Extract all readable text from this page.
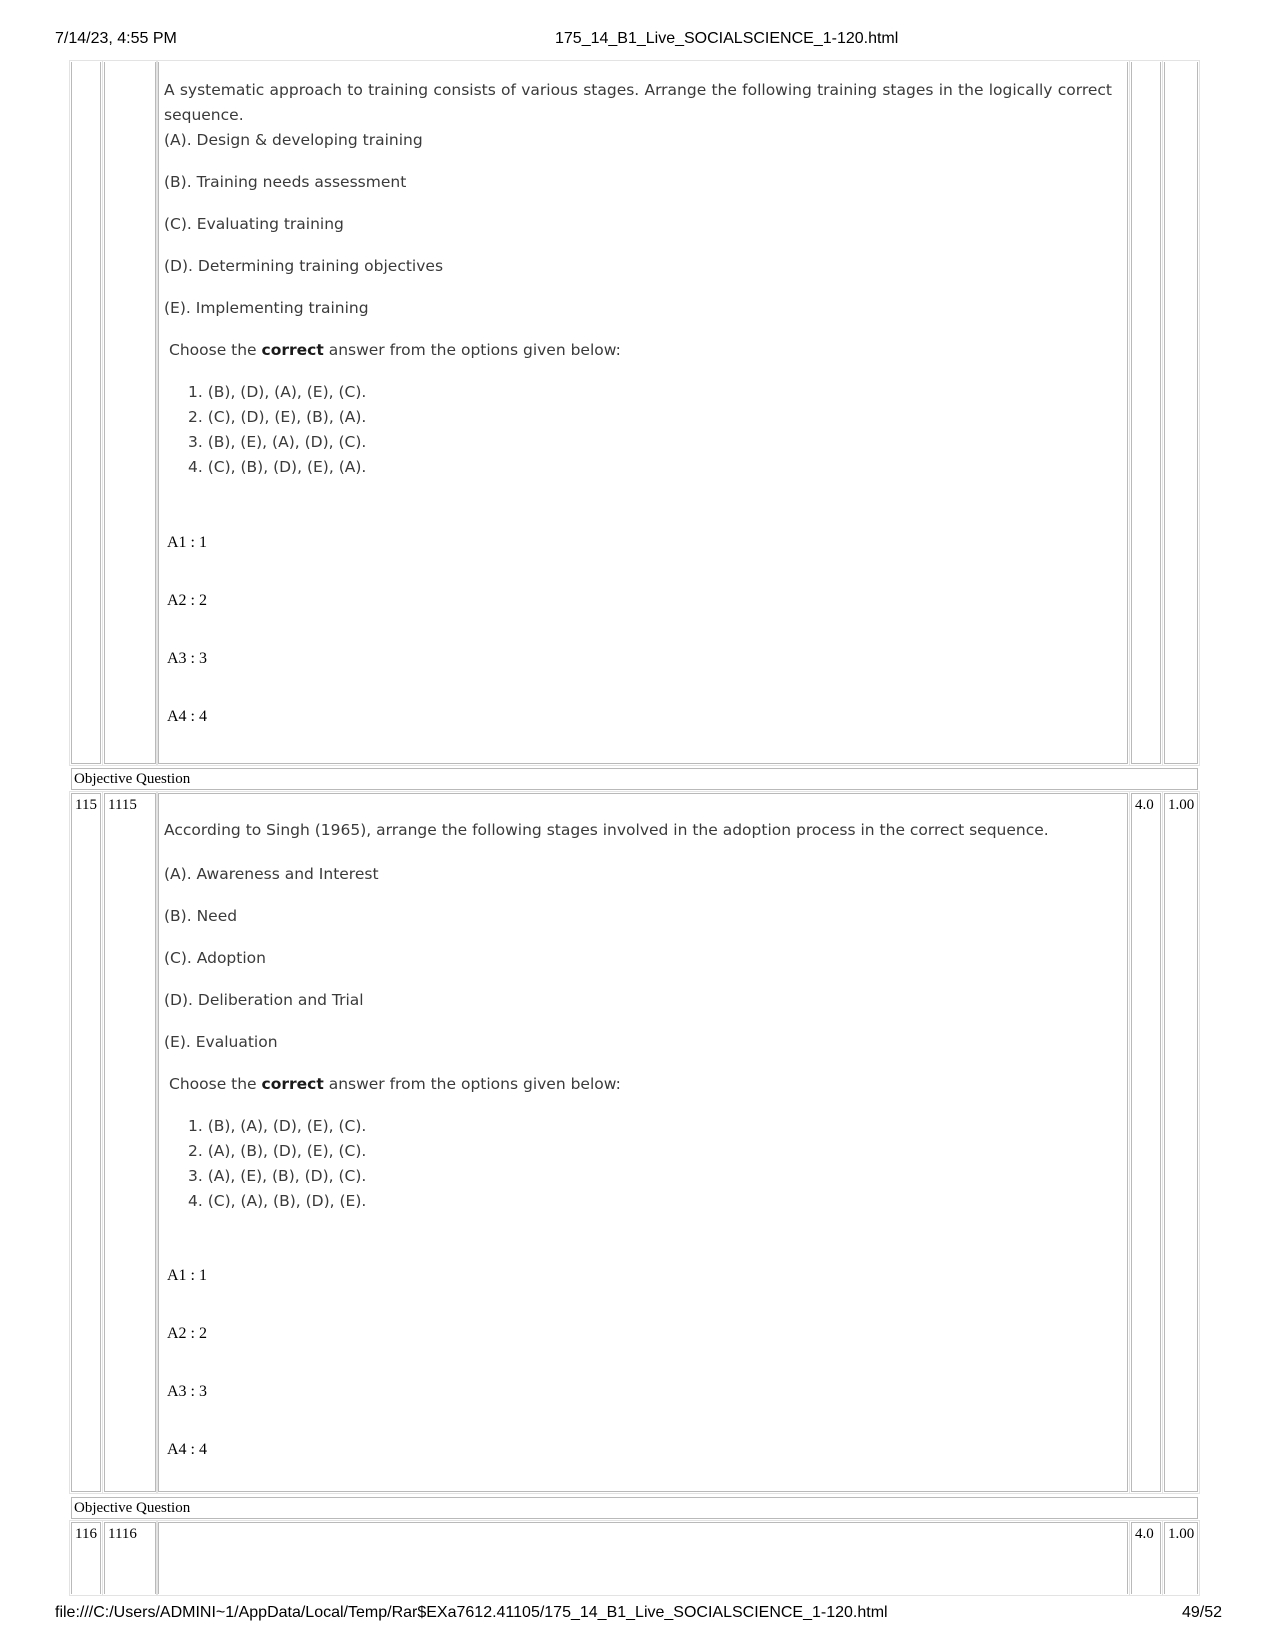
7/14/23, 4:55 PM	175_14_B1_Live_SOCIALSCIENCE_1-120.html
file:///C:/Users/ADMINI~1/AppData/Local/Temp/Rar$EXa7612.41105/175_14_B1_Live_SOCIALSCIENCE_1-120.html	49/52
A systematic approach to training consists of various stages. Arrange the following training stages in the logically correct sequence.
(A). Design & developing training
(B). Training needs assessment
(C). Evaluating training
(D). Determining training objectives
(E). Implementing training
Choose the correct answer from the options given below:
1. (B), (D), (A), (E), (C).
2. (C), (D), (E), (B), (A).
3. (B), (E), (A), (D), (C).
4. (C), (B), (D), (E), (A).
A1 : 1
A2 : 2
A3 : 3
A4 : 4
Objective Question
115 1115	4.0 1.00
According to Singh (1965), arrange the following stages involved in the adoption process in the correct sequence.
(A). Awareness and Interest
(B). Need
(C). Adoption
(D). Deliberation and Trial
(E). Evaluation
Choose the correct answer from the options given below:
1. (B), (A), (D), (E), (C).
2. (A), (B), (D), (E), (C).
3. (A), (E), (B), (D), (C).
4. (C), (A), (B), (D), (E).
A1 : 1
A2 : 2
A3 : 3
A4 : 4
Objective Question
116 1116	4.0 1.00
